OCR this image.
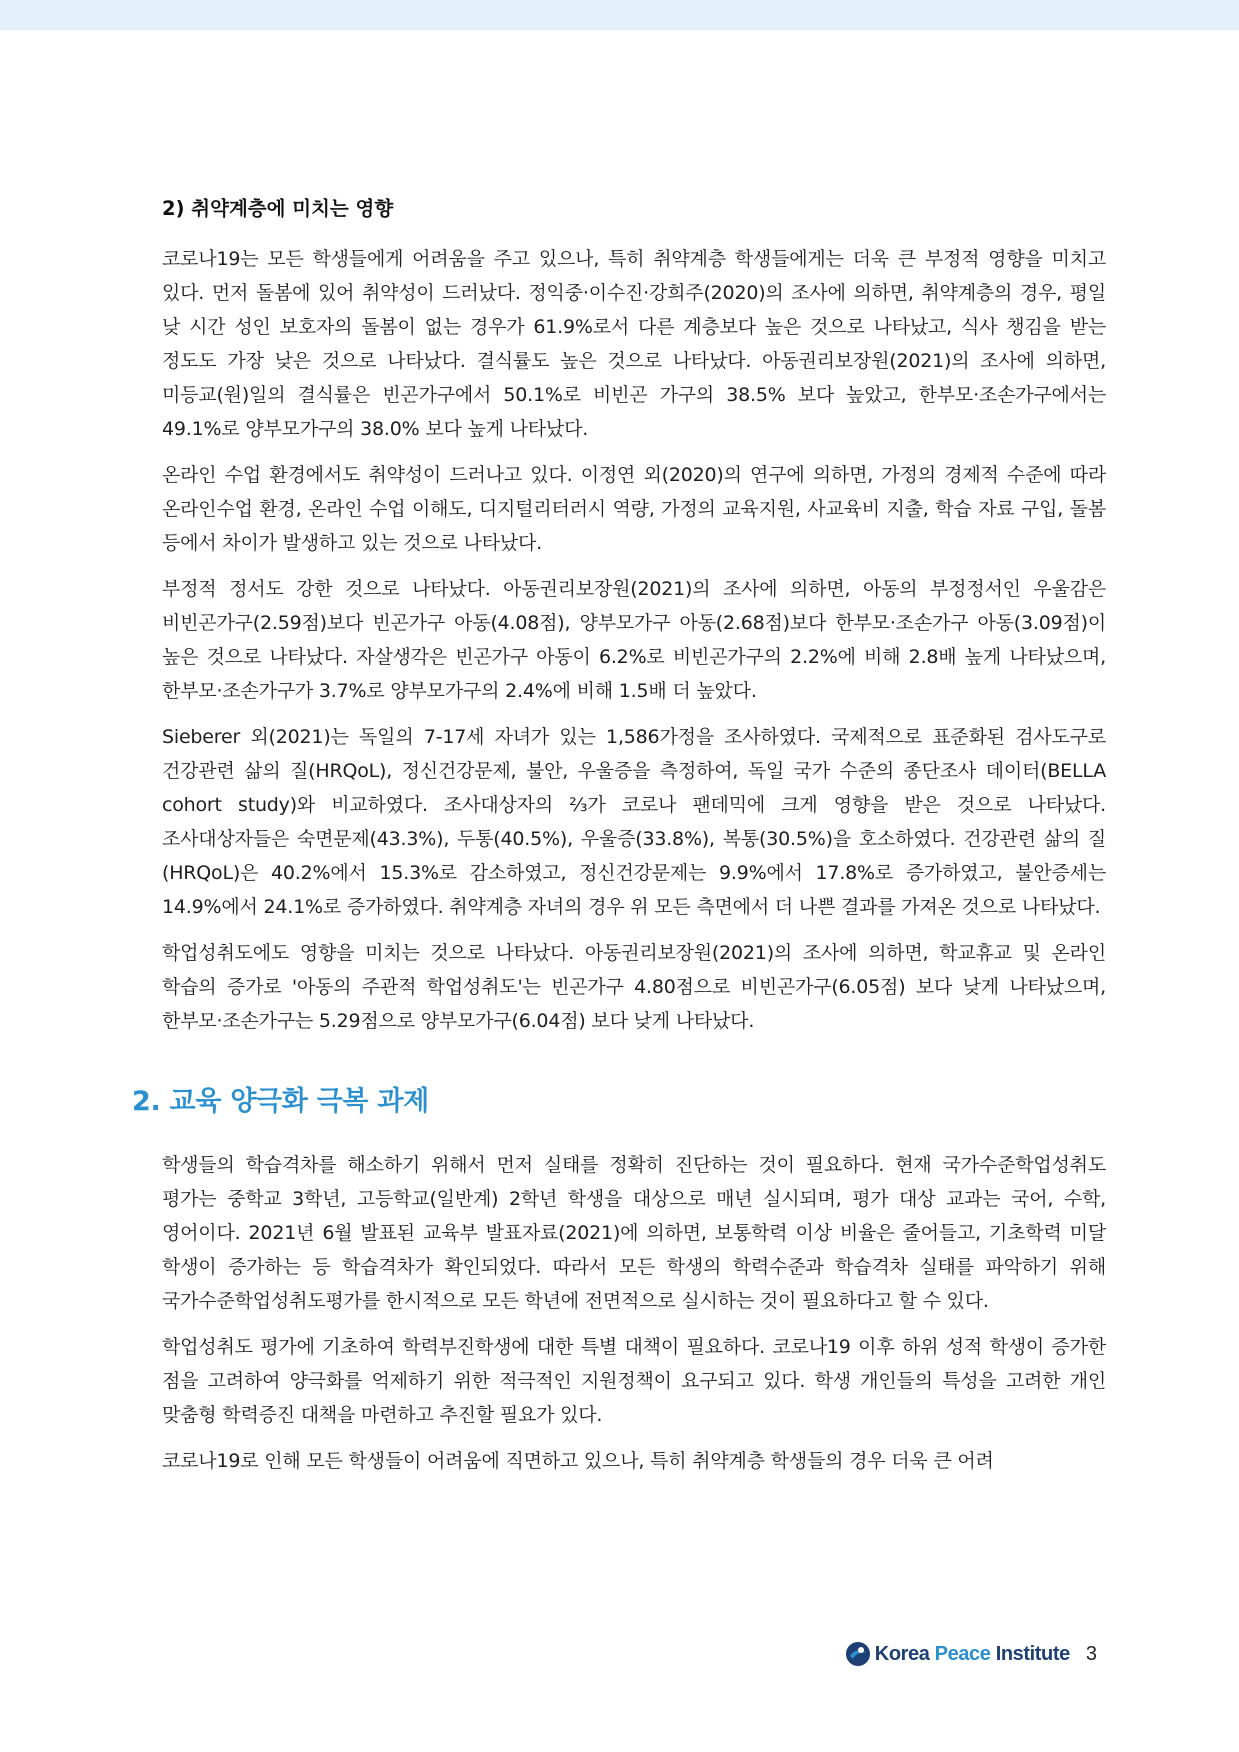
2) 취약계층에 미치는 영향

코로나19는 모든 학생들에게 어려움을 주고 있으나, 특히 취약계층 학생들에게는 더욱 큰 부정적 영향을 미치고 있다. 먼저 돌봄에 있어 취약성이 드러났다. 정익중·이수진·강희주(2020)의 조사에 의하면, 취약계층의 경우, 평일 낮 시간 성인 보호자의 돌봄이 없는 경우가 61.9%로서 다른 계층보다 높은 것으로 나타났고, 식사 챙김을 받는 정도도 가장 낮은 것으로 나타났다. 결식률도 높은 것으로 나타났다. 아동권리보장원(2021)의 조사에 의하면, 미등교(원)일의 결식률은 빈곤가구에서 50.1%로 비빈곤 가구의 38.5% 보다 높았고, 한부모·조손가구에서는 49.1%로 양부모가구의 38.0% 보다 높게 나타났다.

온라인 수업 환경에서도 취약성이 드러나고 있다. 이정연 외(2020)의 연구에 의하면, 가정의 경제적 수준에 따라 온라인수업 환경, 온라인 수업 이해도, 디지털리터러시 역량, 가정의 교육지원, 사교육비 지출, 학습 자료 구입, 돌봄 등에서 차이가 발생하고 있는 것으로 나타났다.

부정적 정서도 강한 것으로 나타났다. 아동권리보장원(2021)의 조사에 의하면, 아동의 부정정서인 우울감은 비빈곤가구(2.59점)보다 빈곤가구 아동(4.08점), 양부모가구 아동(2.68점)보다 한부모·조손가구 아동(3.09점)이 높은 것으로 나타났다. 자살생각은 빈곤가구 아동이 6.2%로 비빈곤가구의 2.2%에 비해 2.8배 높게 나타났으며, 한부모·조손가구가 3.7%로 양부모가구의 2.4%에 비해 1.5배 더 높았다.

Sieberer 외(2021)는 독일의 7-17세 자녀가 있는 1,586가정을 조사하였다. 국제적으로 표준화된 검사도구로 건강관련 삶의 질(HRQoL), 정신건강문제, 불안, 우울증을 측정하여, 독일 국가 수준의 종단조사 데이터(BELLA cohort study)와 비교하였다. 조사대상자의 ⅔가 코로나 팬데믹에 크게 영향을 받은 것으로 나타났다. 조사대상자들은 숙면문제(43.3%), 두통(40.5%), 우울증(33.8%), 복통(30.5%)을 호소하였다. 건강관련 삶의 질(HRQoL)은 40.2%에서 15.3%로 감소하였고, 정신건강문제는 9.9%에서 17.8%로 증가하였고, 불안증세는 14.9%에서 24.1%로 증가하였다. 취약계층 자녀의 경우 위 모든 측면에서 더 나쁜 결과를 가져온 것으로 나타났다.

학업성취도에도 영향을 미치는 것으로 나타났다. 아동권리보장원(2021)의 조사에 의하면, 학교휴교 및 온라인 학습의 증가로 '아동의 주관적 학업성취도'는 빈곤가구 4.80점으로 비빈곤가구(6.05점) 보다 낮게 나타났으며, 한부모·조손가구는 5.29점으로 양부모가구(6.04점) 보다 낮게 나타났다.

2. 교육 양극화 극복 과제

학생들의 학습격차를 해소하기 위해서 먼저 실태를 정확히 진단하는 것이 필요하다. 현재 국가수준학업성취도 평가는 중학교 3학년, 고등학교(일반계) 2학년 학생을 대상으로 매년 실시되며, 평가 대상 교과는 국어, 수학, 영어이다. 2021년 6월 발표된 교육부 발표자료(2021)에 의하면, 보통학력 이상 비율은 줄어들고, 기초학력 미달 학생이 증가하는 등 학습격차가 확인되었다. 따라서 모든 학생의 학력수준과 학습격차 실태를 파악하기 위해 국가수준학업성취도평가를 한시적으로 모든 학년에 전면적으로 실시하는 것이 필요하다고 할 수 있다.

학업성취도 평가에 기초하여 학력부진학생에 대한 특별 대책이 필요하다. 코로나19 이후 하위 성적 학생이 증가한 점을 고려하여 양극화를 억제하기 위한 적극적인 지원정책이 요구되고 있다. 학생 개인들의 특성을 고려한 개인 맞춤형 학력증진 대책을 마련하고 추진할 필요가 있다.

코로나19로 인해 모든 학생들이 어려움에 직면하고 있으나, 특히 취약계층 학생들의 경우 더욱 큰 어려

Korea Peace Institute 3
